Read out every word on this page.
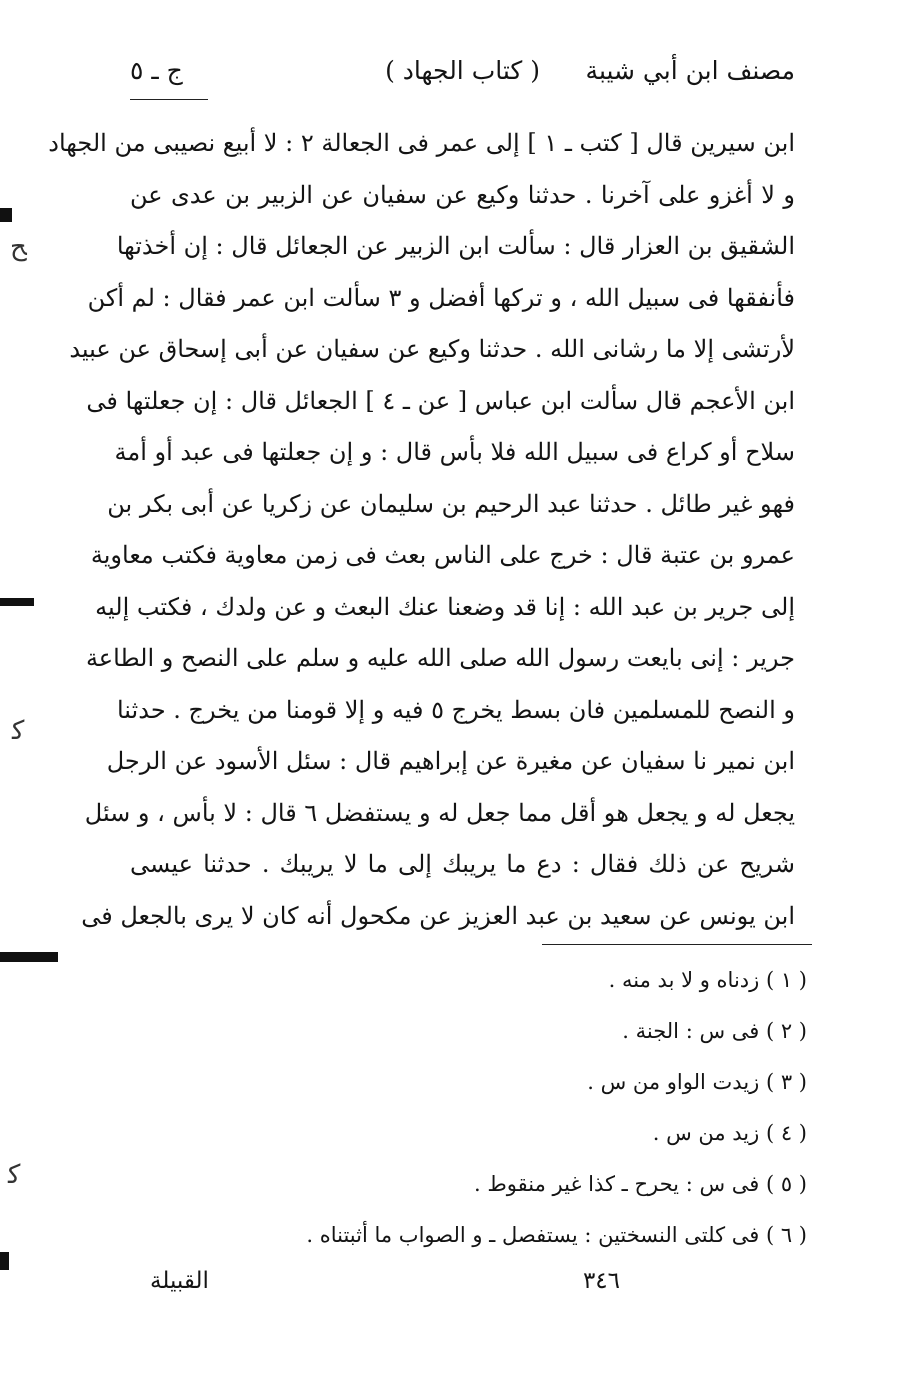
مصنف ابن أبي شيبة
( كتاب الجهاد )
ج ـ ٥
ابن سيرين قال [ كتب ـ ١ ] إلى عمر فى الجعالة ٢ : لا أبيع نصيبى من الجهاد
و لا أغزو على آخرنا . حدثنا وكيع عن سفيان عن الزبير بن عدى عن
الشقيق بن العزار قال : سألت ابن الزبير عن الجعائل قال : إن أخذتها
فأنفقها فى سبيل الله ، و تركها أفضل و ٣ سألت ابن عمر فقال : لم أكن
لأرتشى إلا ما رشانى الله . حدثنا وكيع عن سفيان عن أبى إسحاق عن عبيد
ابن الأعجم قال سألت ابن عباس [ عن ـ ٤ ] الجعائل قال : إن جعلتها فى
سلاح أو كراع فى سبيل الله فلا بأس قال : و إن جعلتها فى عبد أو أمة
فهو غير طائل . حدثنا عبد الرحيم بن سليمان عن زكريا عن أبى بكر بن
عمرو بن عتبة قال : خرج على الناس بعث فى زمن معاوية فكتب معاوية
إلى جرير بن عبد الله : إنا قد وضعنا عنك البعث و عن ولدك ، فكتب إليه
جرير : إنى بايعت رسول الله صلى الله عليه و سلم على النصح و الطاعة
و النصح للمسلمين فان بسط يخرج ٥ فيه و إلا قومنا من يخرج . حدثنا
ابن نمير نا سفيان عن مغيرة عن إبراهيم قال : سئل الأسود عن الرجل
يجعل له و يجعل هو أقل مما جعل له و يستفضل ٦ قال : لا بأس ، و سئل
شريح عن ذلك فقال : دع ما يريبك إلى ما لا يريبك . حدثنا عيسى
ابن يونس عن سعيد بن عبد العزيز عن مكحول أنه كان لا يرى بالجعل فى
( ١ ) زدناه و لا بد منه .
( ٢ ) فى س : الجنة .
( ٣ ) زيدت الواو من س .
( ٤ ) زيد من س .
( ٥ ) فى س : يحرح ـ كذا غير منقوط .
( ٦ ) فى كلتى النسختين : يستفصل ـ و الصواب ما أثبتناه .
٣٤٦
القبيلة
ﺢ
ﻛ
ﻛ
